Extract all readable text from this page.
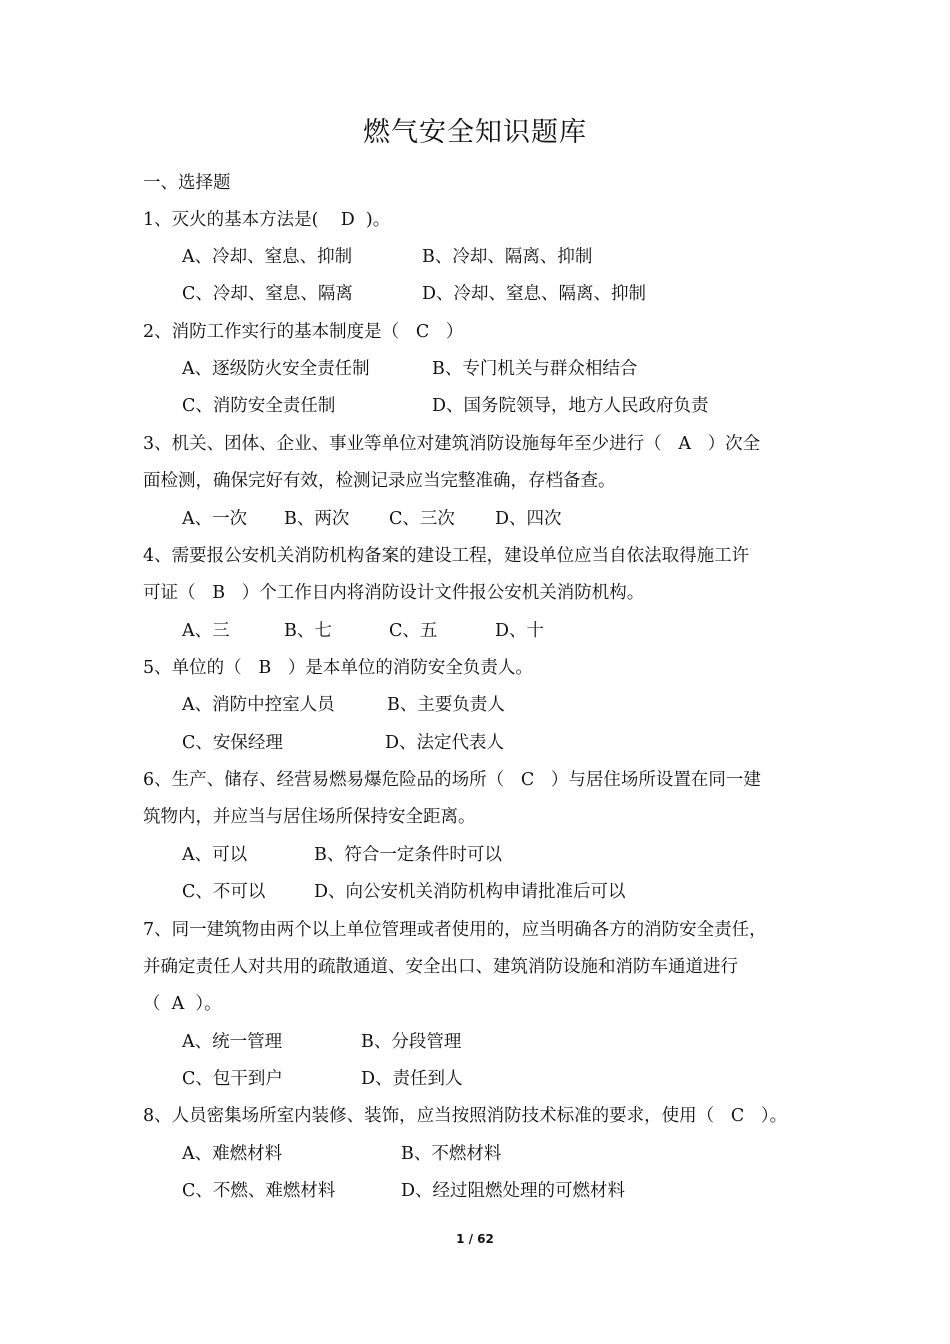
燃气安全知识题库
一、选择题
1、灭火的基本方法是(    D  )。
A、冷却、窒息、抑制	B、冷却、隔离、抑制
C、冷却、窒息、隔离	D、冷却、窒息、隔离、抑制
2、消防工作实行的基本制度是（   C   ）
A、逐级防火安全责任制	B、专门机关与群众相结合
C、消防安全责任制	D、国务院领导，地方人民政府负责
3、机关、团体、企业、事业等单位对建筑消防设施每年至少进行（   A   ）次全
面检测，确保完好有效，检测记录应当完整准确，存档备查。
A、一次 B、两次 C、三次 D、四次
4、需要报公安机关消防机构备案的建设工程，建设单位应当自依法取得施工许
可证（   B   ）个工作日内将消防设计文件报公安机关消防机构。
A、三	B、七	C、五	D、十
5、单位的（   B   ）是本单位的消防安全负责人。
A、消防中控室人员	B、主要负责人
C、安保经理	D、法定代表人
6、生产、储存、经营易燃易爆危险品的场所（   C   ）与居住场所设置在同一建
筑物内，并应当与居住场所保持安全距离。
A、可以	B、符合一定条件时可以
C、不可以	D、向公安机关消防机构申请批准后可以
7、同一建筑物由两个以上单位管理或者使用的，应当明确各方的消防安全责任，
并确定责任人对共用的疏散通道、安全出口、建筑消防设施和消防车通道进行
（  A  ）。
A、统一管理	B、分段管理
C、包干到户	D、责任到人
8、人员密集场所室内装修、装饰，应当按照消防技术标准的要求，使用（   C   ）。
A、难燃材料	B、不燃材料
C、不燃、难燃材料	D、经过阻燃处理的可燃材料
1 / 62
